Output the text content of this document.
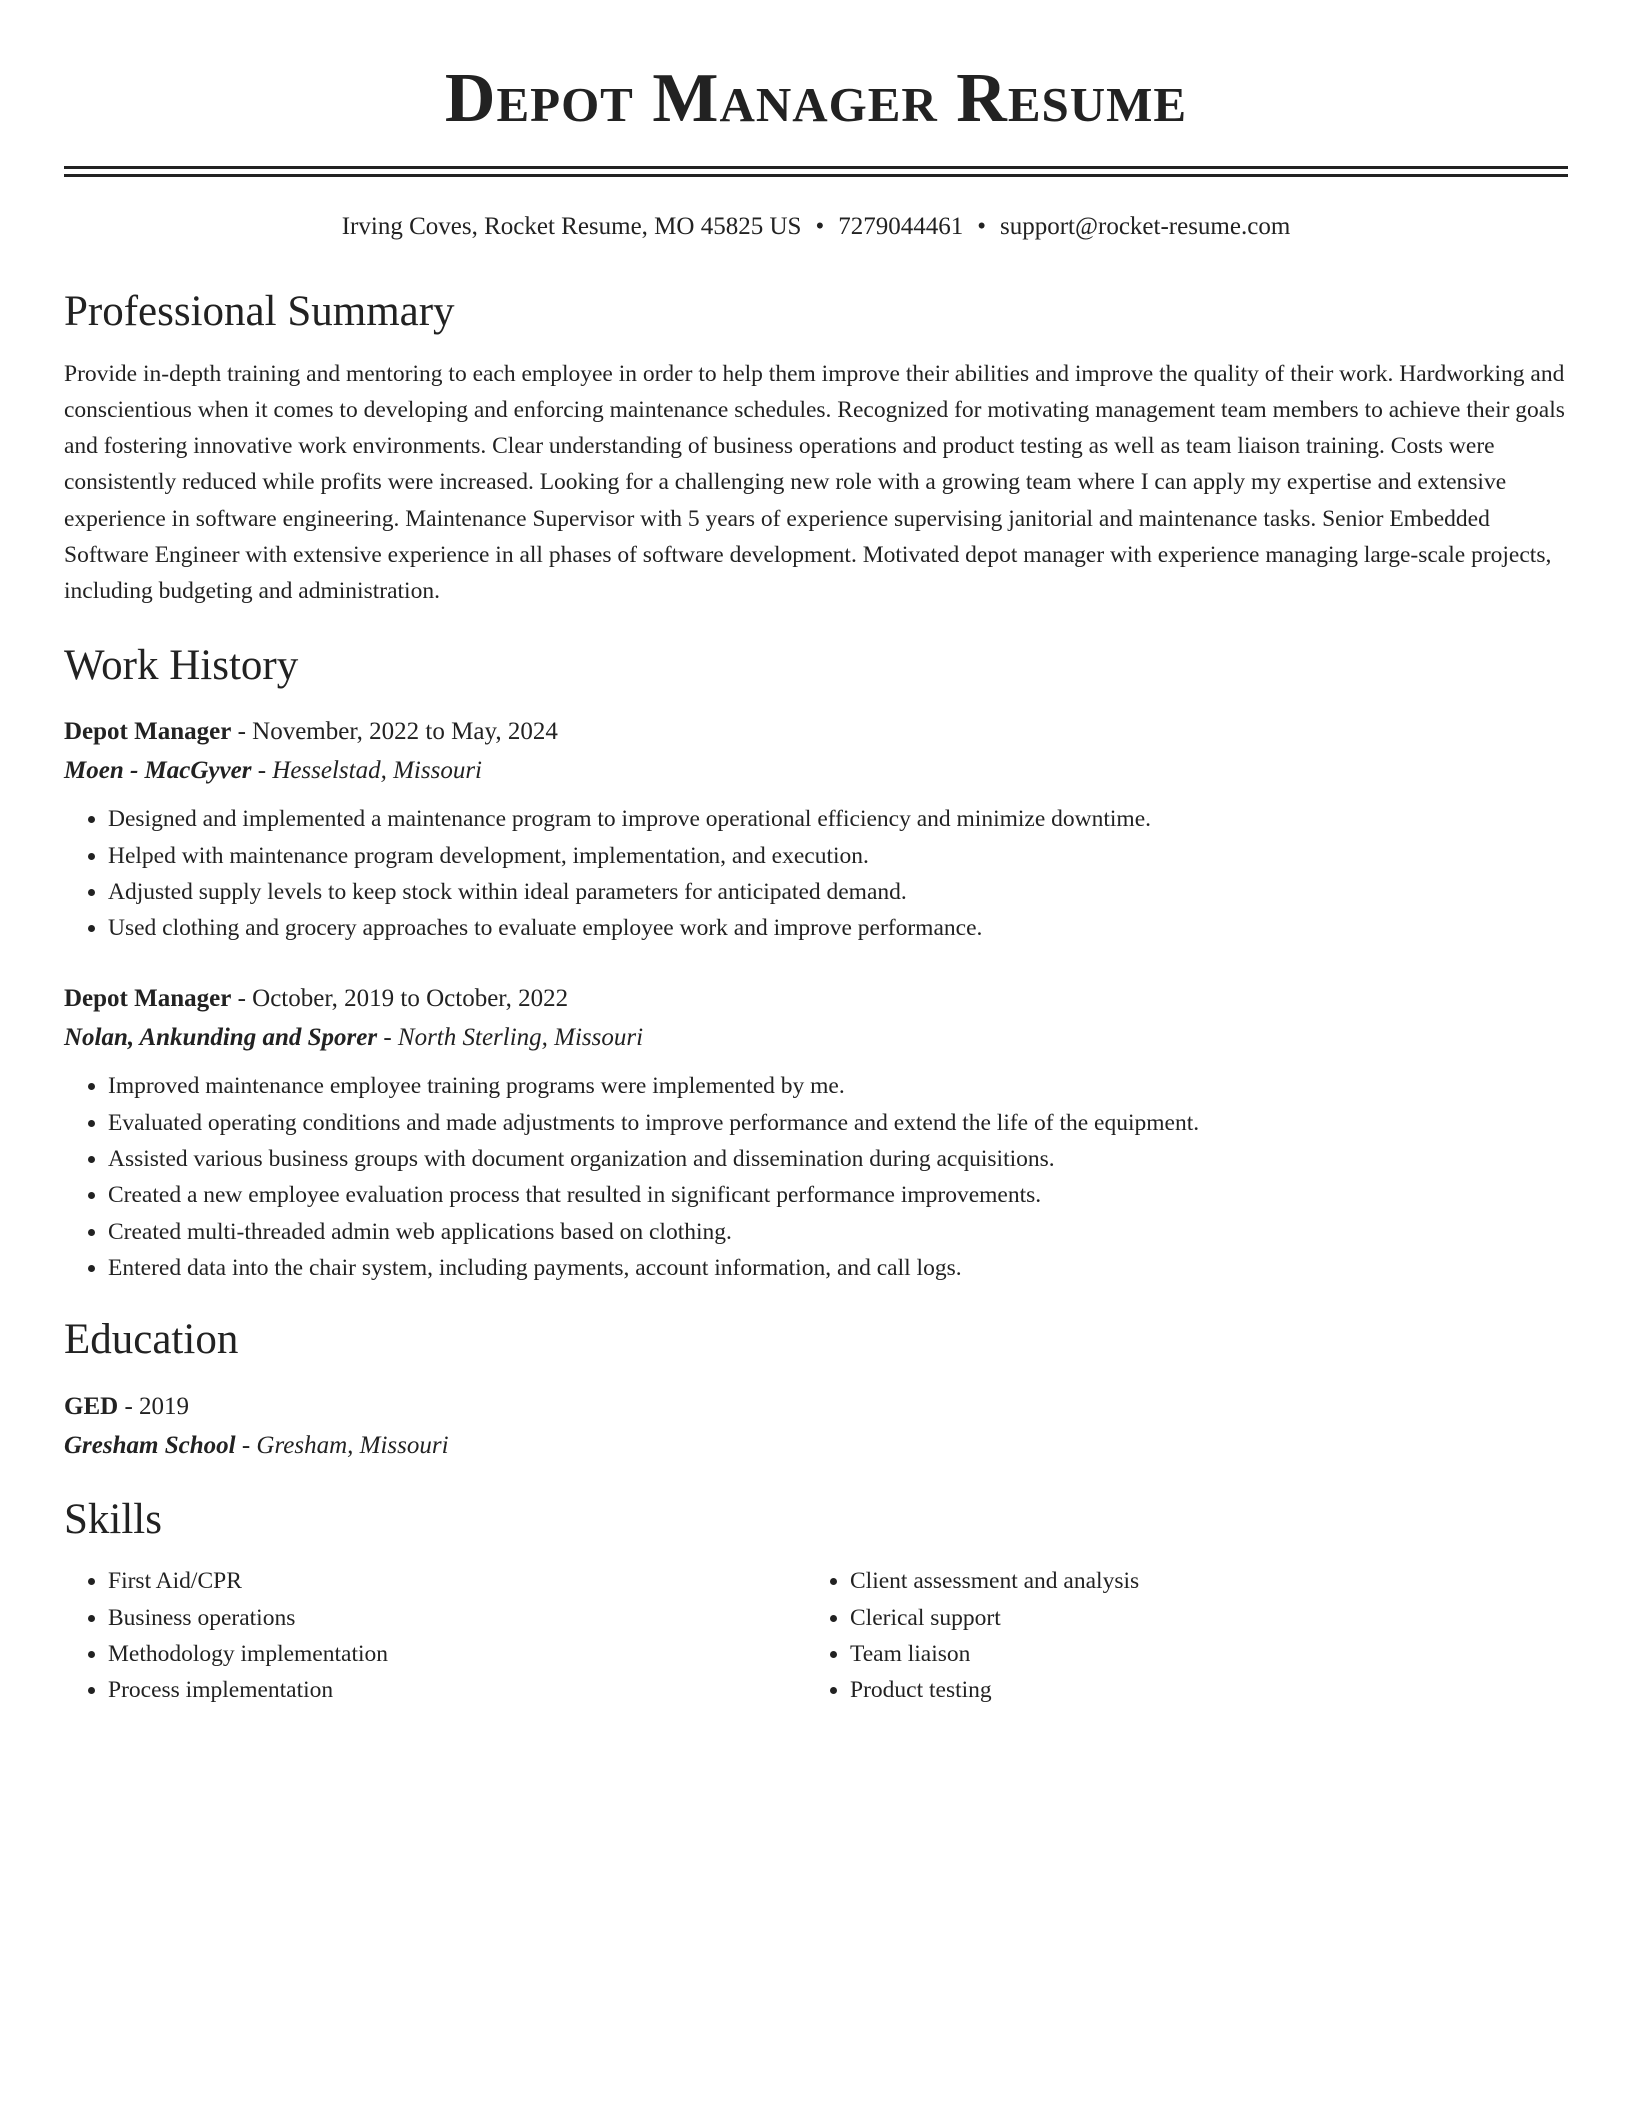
Depot Manager Resume
Irving Coves, Rocket Resume, MO 45825 US • 7279044461 • support@rocket-resume.com
Professional Summary
Provide in-depth training and mentoring to each employee in order to help them improve their abilities and improve the quality of their work. Hardworking and conscientious when it comes to developing and enforcing maintenance schedules. Recognized for motivating management team members to achieve their goals and fostering innovative work environments. Clear understanding of business operations and product testing as well as team liaison training. Costs were consistently reduced while profits were increased. Looking for a challenging new role with a growing team where I can apply my expertise and extensive experience in software engineering. Maintenance Supervisor with 5 years of experience supervising janitorial and maintenance tasks. Senior Embedded Software Engineer with extensive experience in all phases of software development. Motivated depot manager with experience managing large-scale projects, including budgeting and administration.
Work History
Depot Manager - November, 2022 to May, 2024
Moen - MacGyver - Hesselstad, Missouri
• Designed and implemented a maintenance program to improve operational efficiency and minimize downtime.
• Helped with maintenance program development, implementation, and execution.
• Adjusted supply levels to keep stock within ideal parameters for anticipated demand.
• Used clothing and grocery approaches to evaluate employee work and improve performance.
Depot Manager - October, 2019 to October, 2022
Nolan, Ankunding and Sporer - North Sterling, Missouri
• Improved maintenance employee training programs were implemented by me.
• Evaluated operating conditions and made adjustments to improve performance and extend the life of the equipment.
• Assisted various business groups with document organization and dissemination during acquisitions.
• Created a new employee evaluation process that resulted in significant performance improvements.
• Created multi-threaded admin web applications based on clothing.
• Entered data into the chair system, including payments, account information, and call logs.
Education
GED - 2019
Gresham School - Gresham, Missouri
Skills
• First Aid/CPR
• Business operations
• Methodology implementation
• Process implementation
• Client assessment and analysis
• Clerical support
• Team liaison
• Product testing
